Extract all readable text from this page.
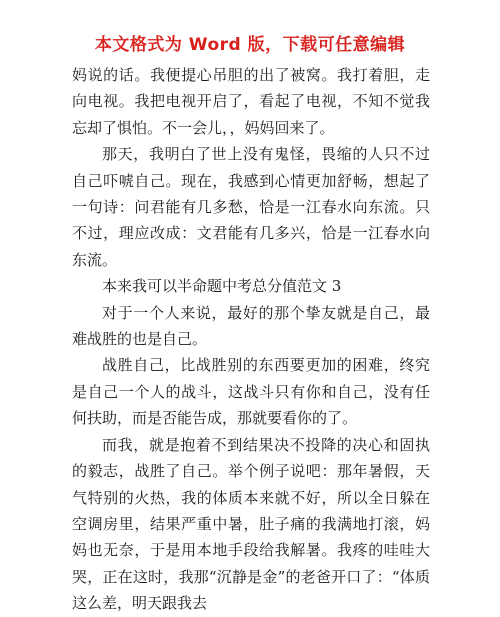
本文格式为 Word 版，下载可任意编辑

妈说的话。我便提心吊胆的出了被窝。我打着胆，走向电视。我把电视开启了，看起了电视，不知不觉我忘却了惧怕。不一会儿，，妈妈回来了。

那天，我明白了世上没有鬼怪，畏缩的人只不过自己吓唬自己。现在，我感到心情更加舒畅，想起了一句诗：问君能有几多愁，恰是一江春水向东流。只不过，理应改成：文君能有几多兴，恰是一江春水向东流。

本来我可以半命题中考总分值范文 3

对于一个人来说，最好的那个挚友就是自己，最难战胜的也是自己。

战胜自己，比战胜别的东西要更加的困难，终究是自己一个人的战斗，这战斗只有你和自己，没有任何扶助，而是否能告成，那就要看你的了。

而我，就是抱着不到结果决不投降的决心和固执的毅志，战胜了自己。举个例子说吧：那年暑假，天气特别的火热，我的体质本来就不好，所以全日躲在空调房里，结果严重中暑，肚子痛的我满地打滚，妈妈也无奈，于是用本地手段给我解暑。我疼的哇哇大哭，正在这时，我那“沉静是金”的老爸开口了：“体质这么差，明天跟我去
